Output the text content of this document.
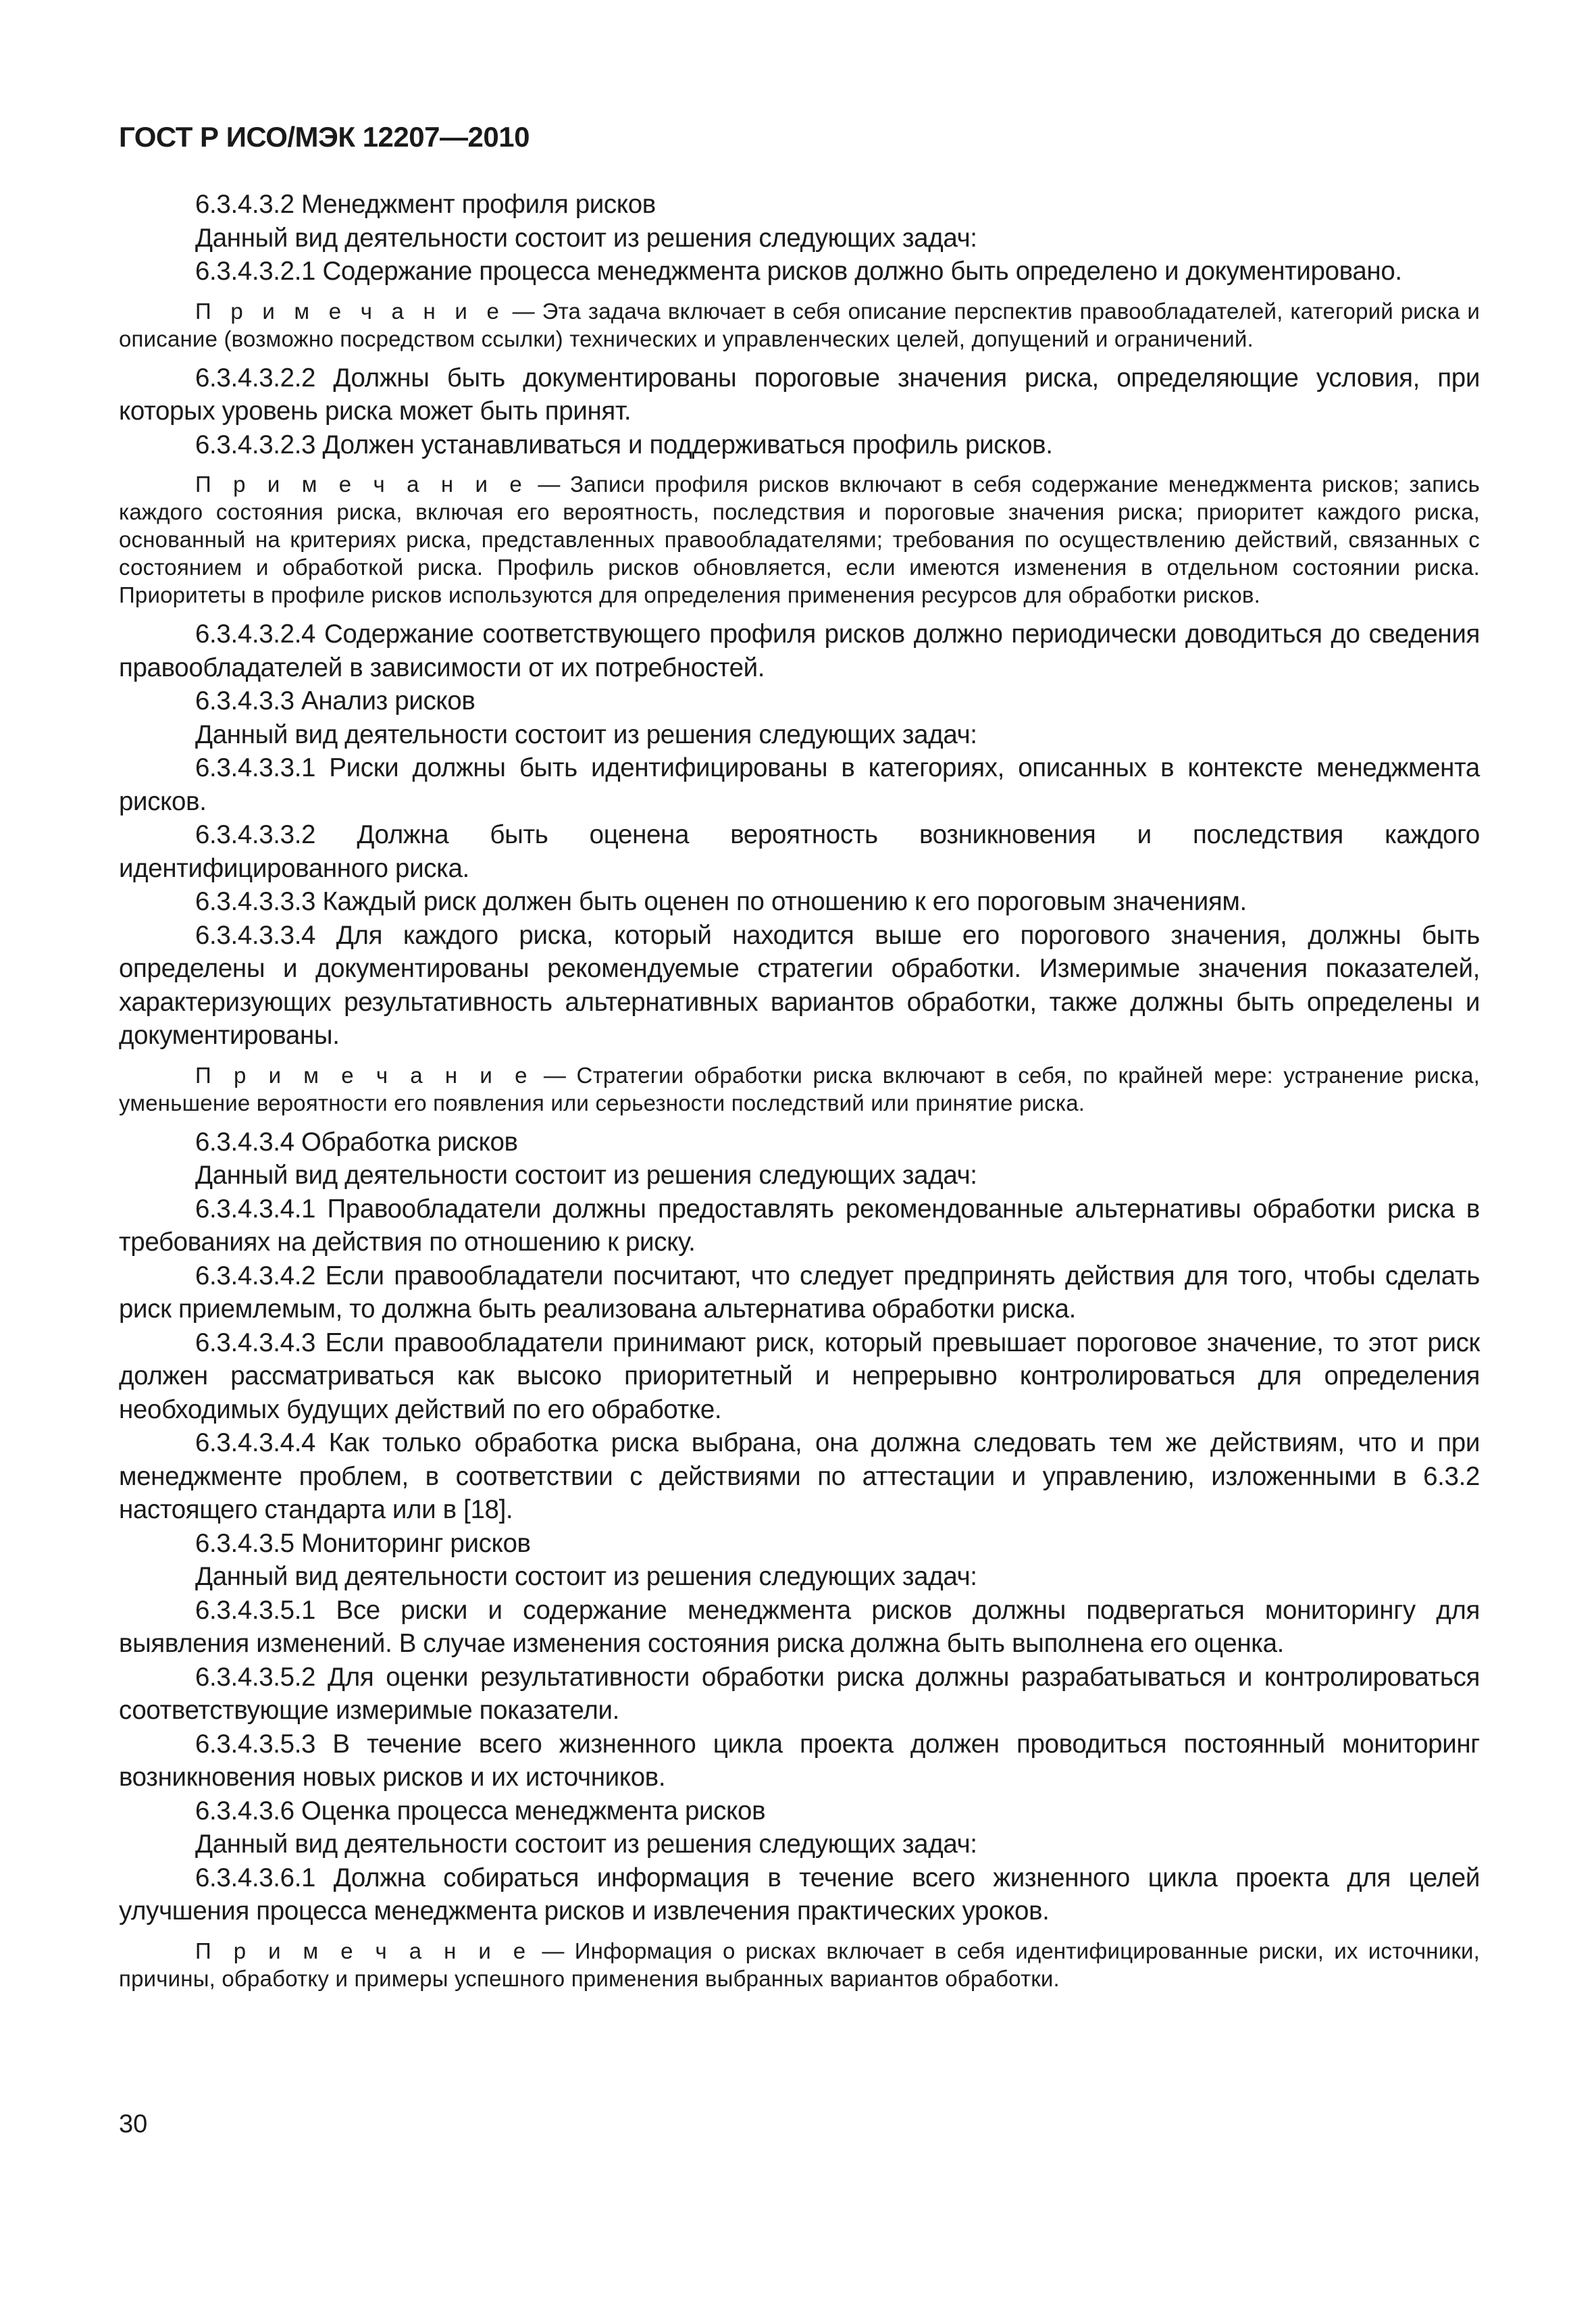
ГОСТ Р ИСО/МЭК 12207—2010

6.3.4.3.2 Менеджмент профиля рисков

Данный вид деятельности состоит из решения следующих задач:

6.3.4.3.2.1 Содержание процесса менеджмента рисков должно быть определено и документировано.

П р и м е ч а н и е — Эта задача включает в себя описание перспектив правообладателей, категорий риска и описание (возможно посредством ссылки) технических и управленческих целей, допущений и ограничений.

6.3.4.3.2.2 Должны быть документированы пороговые значения риска, определяющие условия, при которых уровень риска может быть принят.

6.3.4.3.2.3 Должен устанавливаться и поддерживаться профиль рисков.

П р и м е ч а н и е — Записи профиля рисков включают в себя содержание менеджмента рисков; запись каждого состояния риска, включая его вероятность, последствия и пороговые значения риска; приоритет каждого риска, основанный на критериях риска, представленных правообладателями; требования по осуществлению действий, связанных с состоянием и обработкой риска. Профиль рисков обновляется, если имеются изменения в отдельном состоянии риска. Приоритеты в профиле рисков используются для определения применения ресурсов для обработки рисков.

6.3.4.3.2.4 Содержание соответствующего профиля рисков должно периодически доводиться до сведения правообладателей в зависимости от их потребностей.

6.3.4.3.3 Анализ рисков

Данный вид деятельности состоит из решения следующих задач:

6.3.4.3.3.1 Риски должны быть идентифицированы в категориях, описанных в контексте менеджмента рисков.

6.3.4.3.3.2 Должна быть оценена вероятность возникновения и последствия каждого идентифицированного риска.

6.3.4.3.3.3 Каждый риск должен быть оценен по отношению к его пороговым значениям.

6.3.4.3.3.4 Для каждого риска, который находится выше его порогового значения, должны быть определены и документированы рекомендуемые стратегии обработки. Измеримые значения показателей, характеризующих результативность альтернативных вариантов обработки, также должны быть определены и документированы.

П р и м е ч а н и е — Стратегии обработки риска включают в себя, по крайней мере: устранение риска, уменьшение вероятности его появления или серьезности последствий или принятие риска.

6.3.4.3.4 Обработка рисков

Данный вид деятельности состоит из решения следующих задач:

6.3.4.3.4.1 Правообладатели должны предоставлять рекомендованные альтернативы обработки риска в требованиях на действия по отношению к риску.

6.3.4.3.4.2 Если правообладатели посчитают, что следует предпринять действия для того, чтобы сделать риск приемлемым, то должна быть реализована альтернатива обработки риска.

6.3.4.3.4.3 Если правообладатели принимают риск, который превышает пороговое значение, то этот риск должен рассматриваться как высоко приоритетный и непрерывно контролироваться для определения необходимых будущих действий по его обработке.

6.3.4.3.4.4 Как только обработка риска выбрана, она должна следовать тем же действиям, что и при менеджменте проблем, в соответствии с действиями по аттестации и управлению, изложенными в 6.3.2 настоящего стандарта или в [18].

6.3.4.3.5 Мониторинг рисков

Данный вид деятельности состоит из решения следующих задач:

6.3.4.3.5.1 Все риски и содержание менеджмента рисков должны подвергаться мониторингу для выявления изменений. В случае изменения состояния риска должна быть выполнена его оценка.

6.3.4.3.5.2 Для оценки результативности обработки риска должны разрабатываться и контролироваться соответствующие измеримые показатели.

6.3.4.3.5.3 В течение всего жизненного цикла проекта должен проводиться постоянный мониторинг возникновения новых рисков и их источников.

6.3.4.3.6 Оценка процесса менеджмента рисков

Данный вид деятельности состоит из решения следующих задач:

6.3.4.3.6.1 Должна собираться информация в течение всего жизненного цикла проекта для целей улучшения процесса менеджмента рисков и извлечения практических уроков.

П р и м е ч а н и е — Информация о рисках включает в себя идентифицированные риски, их источники, причины, обработку и примеры успешного применения выбранных вариантов обработки.

30
